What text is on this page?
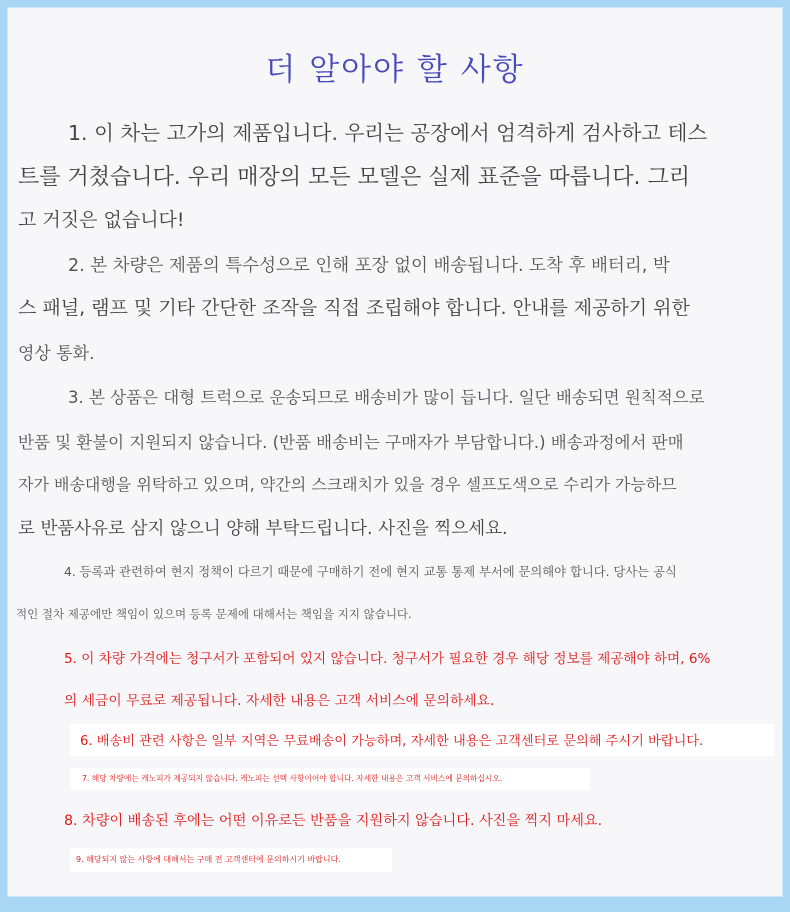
더 알아야 할 사항
1. 이 차는 고가의 제품입니다. 우리는 공장에서 엄격하게 검사하고 테스
트를 거쳤습니다. 우리 매장의 모든 모델은 실제 표준을 따릅니다. 그리
고 거짓은 없습니다!
2. 본 차량은 제품의 특수성으로 인해 포장 없이 배송됩니다. 도착 후 배터리, 박
스 패널, 램프 및 기타 간단한 조작을 직접 조립해야 합니다. 안내를 제공하기 위한
영상 통화.
3. 본 상품은 대형 트럭으로 운송되므로 배송비가 많이 듭니다. 일단 배송되면 원칙적으로
반품 및 환불이 지원되지 않습니다. (반품 배송비는 구매자가 부담합니다.) 배송과정에서 판매
자가 배송대행을 위탁하고 있으며, 약간의 스크래치가 있을 경우 셀프도색으로 수리가 가능하므
로 반품사유로 삼지 않으니 양해 부탁드립니다. 사진을 찍으세요.
4. 등록과 관련하여 현지 정책이 다르기 때문에 구매하기 전에 현지 교통 통제 부서에 문의해야 합니다. 당사는 공식
적인 절차 제공에만 책임이 있으며 등록 문제에 대해서는 책임을 지지 않습니다.
5. 이 차량 가격에는 청구서가 포함되어 있지 않습니다. 청구서가 필요한 경우 해당 정보를 제공해야 하며, 6%
의 세금이 무료로 제공됩니다. 자세한 내용은 고객 서비스에 문의하세요.
6. 배송비 관련 사항은 일부 지역은 무료배송이 가능하며, 자세한 내용은 고객센터로 문의해 주시기 바랍니다.
7. 해당 차량에는 캐노피가 제공되지 않습니다. 캐노피는 선택 사항이어야 합니다. 자세한 내용은 고객 서비스에 문의하십시오.
8. 차량이 배송된 후에는 어떤 이유로든 반품을 지원하지 않습니다. 사진을 찍지 마세요.
9. 해당되지 않는 사항에 대해서는 구매 전 고객센터에 문의하시기 바랍니다.
